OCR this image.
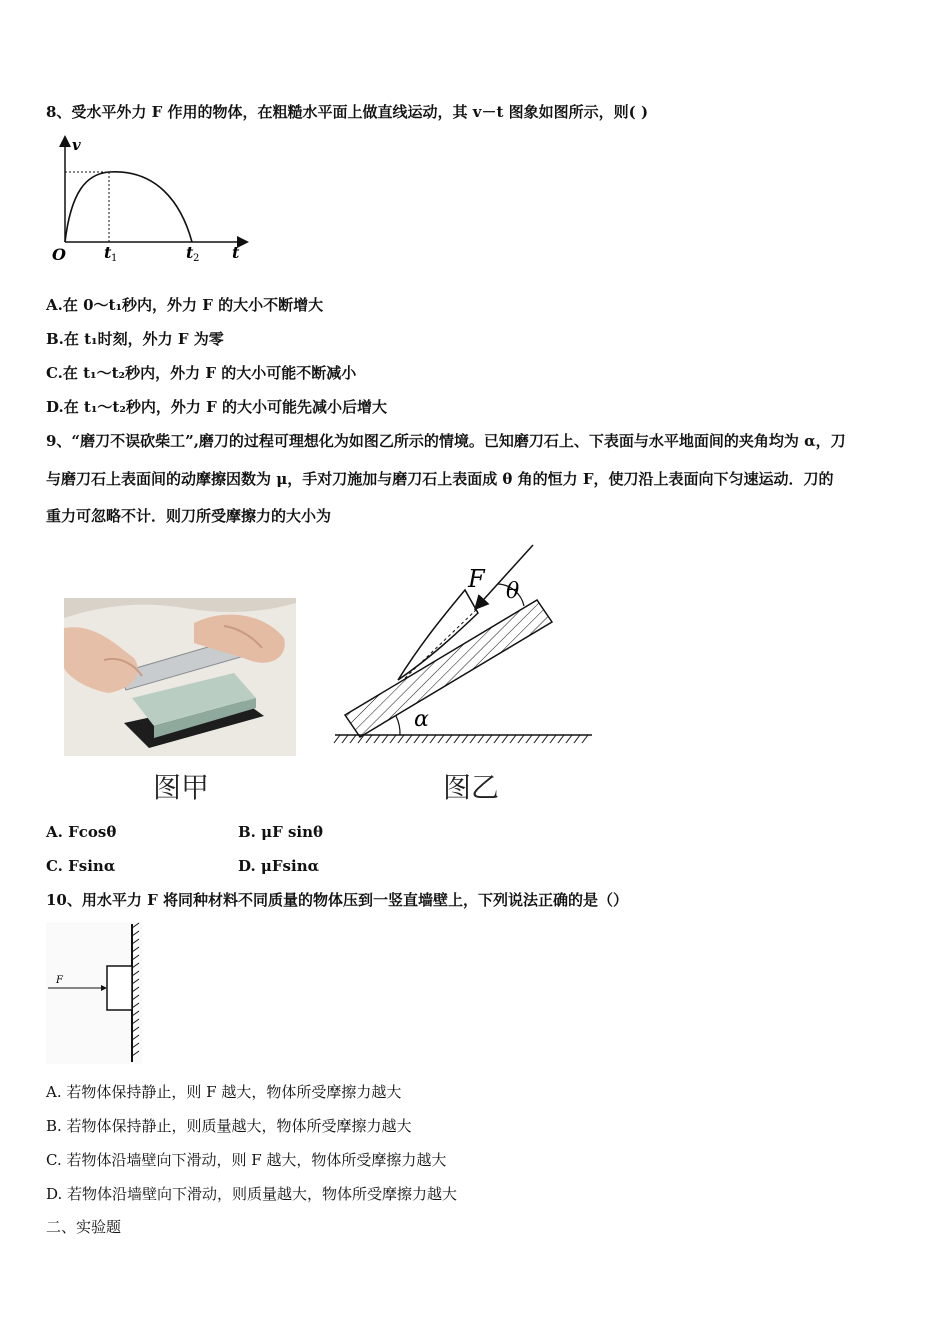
8、受水平外力 F 作用的物体，在粗糙水平面上做直线运动，其 v－t 图象如图所示，则( )
v
O t 1	t 2 t
A.在 0～t₁秒内，外力 F 的大小不断增大
B.在 t₁时刻，外力 F 为零
C.在 t₁～t₂秒内，外力 F 的大小可能不断减小
D.在 t₁～t₂秒内，外力 F 的大小可能先减小后增大
9、“磨刀不误砍柴工”,磨刀的过程可理想化为如图乙所示的情境。已知磨刀石上、下表面与水平地面间的夹角均为 α，刀
与磨刀石上表面间的动摩擦因数为 μ，手对刀施加与磨刀石上表面成 θ 角的恒力 F，使刀沿上表面向下匀速运动．刀的
重力可忽略不计．则刀所受摩擦力的大小为
图甲
α
F θ
图乙
A. Fcosθ	B. μF sinθ
C. Fsinα	D. μFsinα
10、用水平力 F 将同种材料不同质量的物体压到一竖直墙壁上，下列说法正确的是（）
F
A. 若物体保持静止，则 F 越大，物体所受摩擦力越大
B. 若物体保持静止，则质量越大，物体所受摩擦力越大
C. 若物体沿墙壁向下滑动，则 F 越大，物体所受摩擦力越大
D. 若物体沿墙壁向下滑动，则质量越大，物体所受摩擦力越大
二、实验题
